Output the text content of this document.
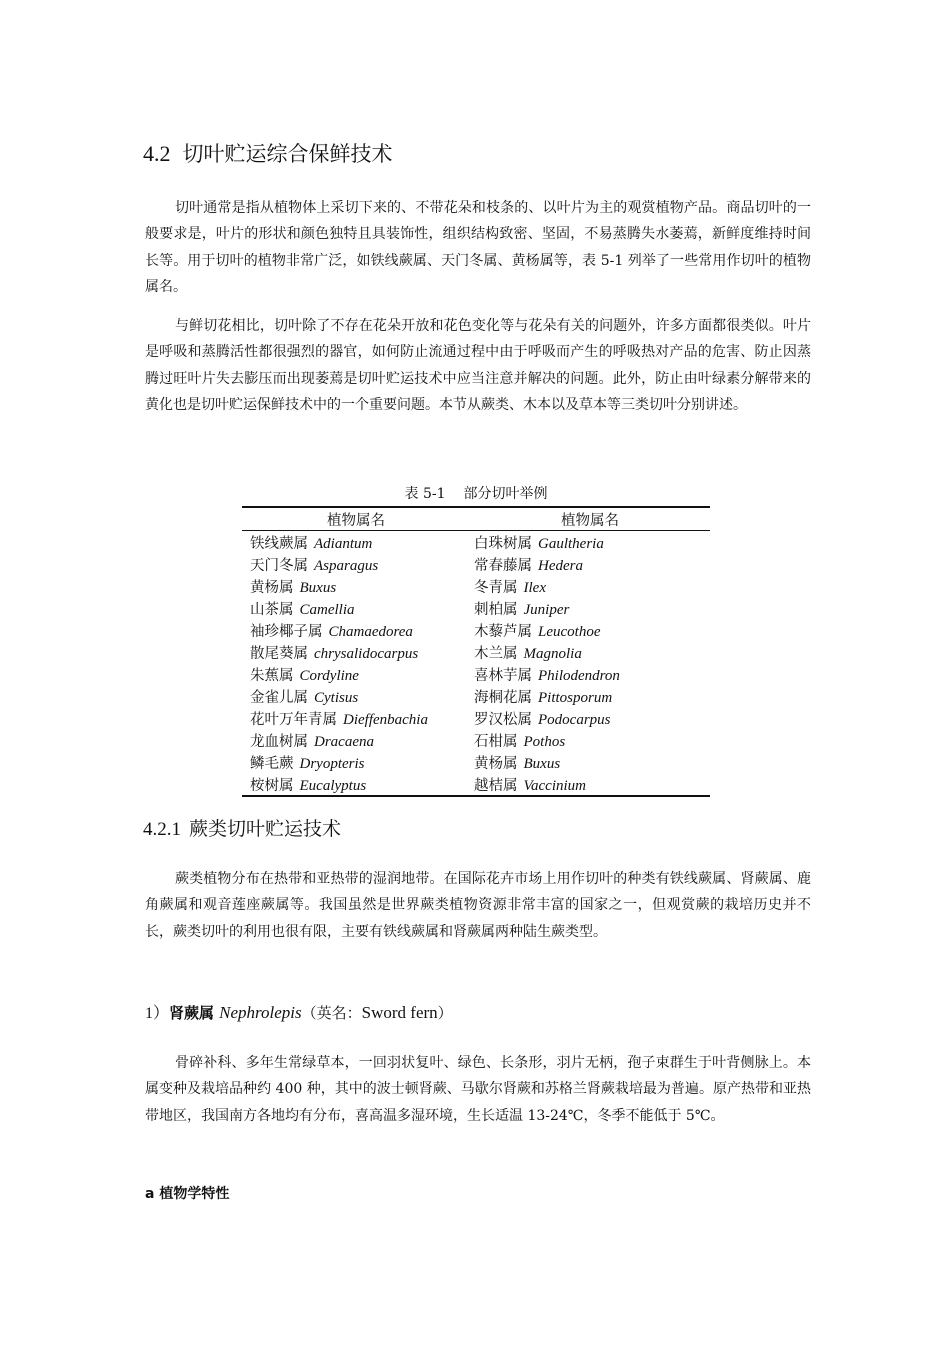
4.2 切叶贮运综合保鲜技术

切叶通常是指从植物体上采切下来的、不带花朵和枝条的、以叶片为主的观赏植物产品。商品切叶的一般要求是，叶片的形状和颜色独特且具装饰性，组织结构致密、坚固，不易蒸腾失水萎蔫，新鲜度维持时间长等。用于切叶的植物非常广泛，如铁线蕨属、天门冬属、黄杨属等，表 5-1 列举了一些常用作切叶的植物属名。

与鲜切花相比，切叶除了不存在花朵开放和花色变化等与花朵有关的问题外，许多方面都很类似。叶片是呼吸和蒸腾活性都很强烈的器官，如何防止流通过程中由于呼吸而产生的呼吸热对产品的危害、防止因蒸腾过旺叶片失去膨压而出现萎蔫是切叶贮运技术中应当注意并解决的问题。此外，防止由叶绿素分解带来的黄化也是切叶贮运保鲜技术中的一个重要问题。本节从蕨类、木本以及草本等三类切叶分别讲述。

表 5-1 部分切叶举例
植物属名	植物属名
铁线蕨属 Adiantum	白珠树属 Gaultheria
天门冬属 Asparagus	常春藤属 Hedera
黄杨属 Buxus	冬青属 Ilex
山茶属 Camellia	刺柏属 Juniper
袖珍椰子属 Chamaedorea	木藜芦属 Leucothoe
散尾葵属 chrysalidocarpus	木兰属 Magnolia
朱蕉属 Cordyline	喜林芋属 Philodendron
金雀儿属 Cytisus	海桐花属 Pittosporum
花叶万年青属 Dieffenbachia	罗汉松属 Podocarpus
龙血树属 Dracaena	石柑属 Pothos
鳞毛蕨 Dryopteris	黄杨属 Buxus
桉树属 Eucalyptus	越桔属 Vaccinium
4.2.1 蕨类切叶贮运技术

蕨类植物分布在热带和亚热带的湿润地带。在国际花卉市场上用作切叶的种类有铁线蕨属、肾蕨属、鹿角蕨属和观音莲座蕨属等。我国虽然是世界蕨类植物资源非常丰富的国家之一，但观赏蕨的栽培历史并不长，蕨类切叶的利用也很有限，主要有铁线蕨属和肾蕨属两种陆生蕨类型。

1）肾蕨属 Nephrolepis（英名：Sword fern）

骨碎补科、多年生常绿草本，一回羽状复叶、绿色、长条形，羽片无柄，孢子束群生于叶背侧脉上。本属变种及栽培品种约 400 种，其中的波士顿肾蕨、马歇尔肾蕨和苏格兰肾蕨栽培最为普遍。原产热带和亚热带地区，我国南方各地均有分布，喜高温多湿环境，生长适温 13-24℃，冬季不能低于 5℃。

a 植物学特性
